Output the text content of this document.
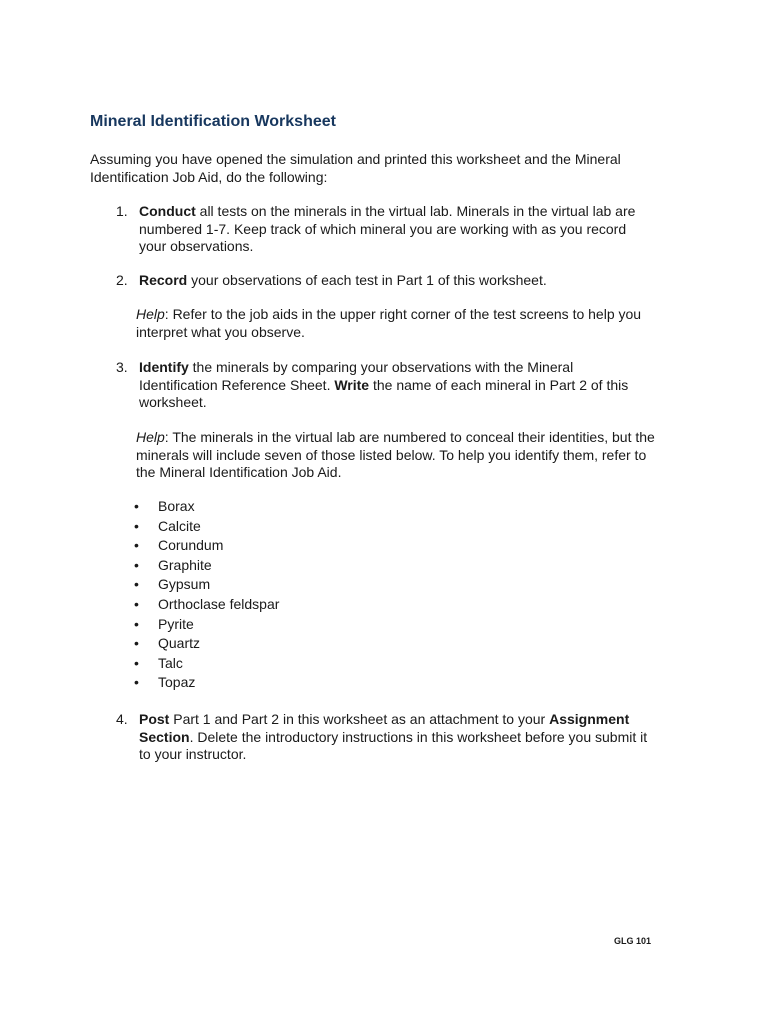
Mineral Identification Worksheet

Assuming you have opened the simulation and printed this worksheet and the Mineral Identification Job Aid, do the following:

1. Conduct all tests on the minerals in the virtual lab. Minerals in the virtual lab are numbered 1-7. Keep track of which mineral you are working with as you record your observations.
2. Record your observations of each test in Part 1 of this worksheet.
Help: Refer to the job aids in the upper right corner of the test screens to help you interpret what you observe.
3. Identify the minerals by comparing your observations with the Mineral Identification Reference Sheet. Write the name of each mineral in Part 2 of this worksheet.
Help: The minerals in the virtual lab are numbered to conceal their identities, but the minerals will include seven of those listed below. To help you identify them, refer to the Mineral Identification Job Aid.
• Borax
• Calcite
• Corundum
• Graphite
• Gypsum
• Orthoclase feldspar
• Pyrite
• Quartz
• Talc
• Topaz
4. Post Part 1 and Part 2 in this worksheet as an attachment to your Assignment Section. Delete the introductory instructions in this worksheet before you submit it to your instructor.
GLG 101
